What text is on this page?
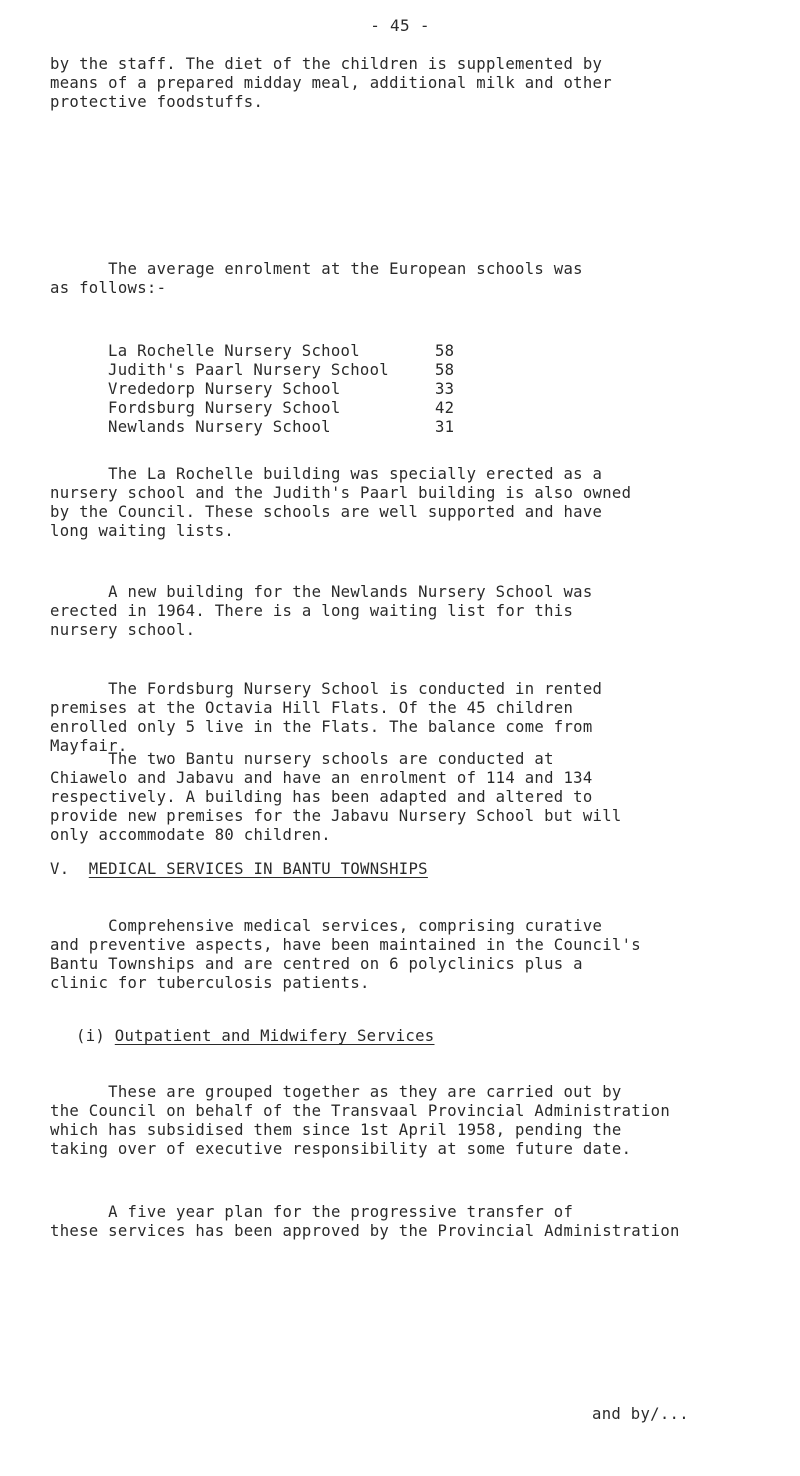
- 45 -

by the staff. The diet of the children is supplemented by
means of a prepared midday meal, additional milk and other
protective foodstuffs.

The average enrolment at the European schools was
as follows:-

La Rochelle Nursery School	58
Judith's Paarl Nursery School	58
Vrededorp Nursery School	33
Fordsburg Nursery School	42
Newlands Nursery School	31

The La Rochelle building was specially erected as a
nursery school and the Judith's Paarl building is also owned
by the Council. These schools are well supported and have
long waiting lists.

A new building for the Newlands Nursery School was
erected in 1964. There is a long waiting list for this
nursery school.

The Fordsburg Nursery School is conducted in rented
premises at the Octavia Hill Flats. Of the 45 children
enrolled only 5 live in the Flats. The balance come from
Mayfair.

The two Bantu nursery schools are conducted at
Chiawelo and Jabavu and have an enrolment of 114 and 134
respectively. A building has been adapted and altered to
provide new premises for the Jabavu Nursery School but will
only accommodate 80 children.

V. MEDICAL SERVICES IN BANTU TOWNSHIPS

Comprehensive medical services, comprising curative
and preventive aspects, have been maintained in the Council's
Bantu Townships and are centred on 6 polyclinics plus a
clinic for tuberculosis patients.

(i) Outpatient and Midwifery Services

These are grouped together as they are carried out by
the Council on behalf of the Transvaal Provincial Administration
which has subsidised them since 1st April 1958, pending the
taking over of executive responsibility at some future date.

A five year plan for the progressive transfer of
these services has been approved by the Provincial Administration

and by/...
